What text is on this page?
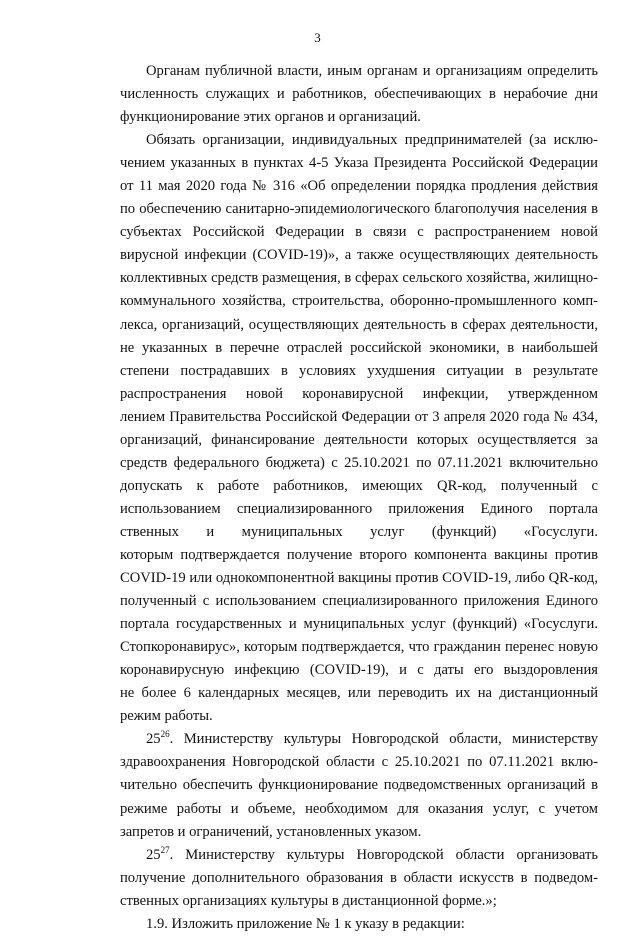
3
Органам публичной власти, иным органам и организациям определить
численность служащих и работников, обеспечивающих в нерабочие дни
функционирование этих органов и организаций.
Обязать организации, индивидуальных предпринимателей (за исклю-
чением указанных в пунктах 4-5 Указа Президента Российской Федерации
от 11 мая 2020 года № 316 «Об определении порядка продления действия
по обеспечению санитарно-эпидемиологического благополучия населения в
субъектах Российской Федерации в связи с распространением новой
вирусной инфекции (COVID-19)», а также осуществляющих деятельность
коллективных средств размещения, в сферах сельского хозяйства, жилищно-
коммунального хозяйства, строительства, оборонно-промышленного комп-
лекса, организаций, осуществляющих деятельность в сферах деятельности,
не указанных в перечне отраслей российской экономики, в наибольшей
степени пострадавших в условиях ухудшения ситуации в результате
распространения новой коронавирусной инфекции, утвержденном
лением Правительства Российской Федерации от 3 апреля 2020 года № 434,
организаций, финансирование деятельности которых осуществляется за
средств федерального бюджета) с 25.10.2021 по 07.11.2021 включительно
допускать к работе работников, имеющих QR-код, полученный с
использованием специализированного приложения Единого портала
ственных и муниципальных услуг (функций) «Госуслуги.
которым подтверждается получение второго компонента вакцины против
COVID-19 или однокомпонентной вакцины против COVID-19, либо QR-код,
полученный с использованием специализированного приложения Единого
портала государственных и муниципальных услуг (функций) «Госуслуги.
Стопкоронавирус», которым подтверждается, что гражданин перенес новую
коронавирусную инфекцию (COVID-19), и с даты его выздоровления
не более 6 календарных месяцев, или переводить их на дистанционный
режим работы.
$25^{26}$. Министерству культуры Новгородской области, министерству
здравоохранения Новгородской области с 25.10.2021 по 07.11.2021 вклю-
чительно обеспечить функционирование подведомственных организаций в
режиме работы и объеме, необходимом для оказания услуг, с учетом
запретов и ограничений, установленных указом.
$25^{27}$. Министерству культуры Новгородской области организовать
получение дополнительного образования в области искусств в подведом-
ственных организациях культуры в дистанционной форме.»;
1.9. Изложить приложение № 1 к указу в редакции:
